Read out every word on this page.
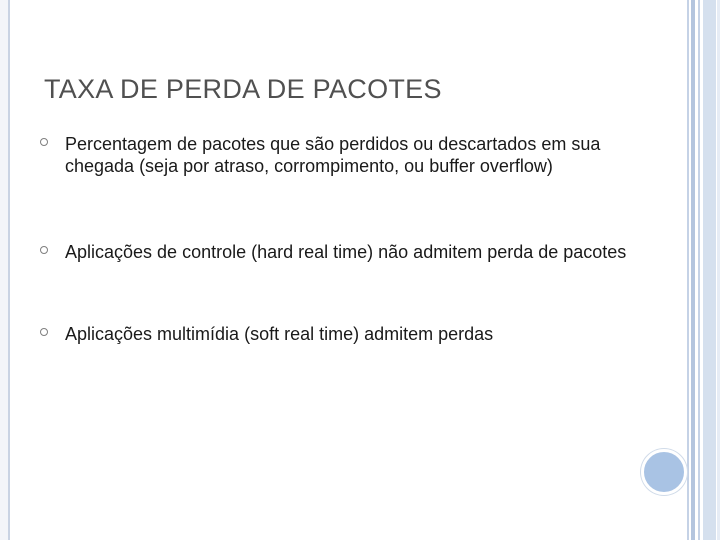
TAXA DE PERDA DE PACOTES
Percentagem de pacotes que são perdidos ou descartados em sua chegada (seja por atraso, corrompimento, ou buffer overflow)
Aplicações de controle (hard real time) não admitem perda de pacotes
Aplicações multimídia (soft real time) admitem perdas
